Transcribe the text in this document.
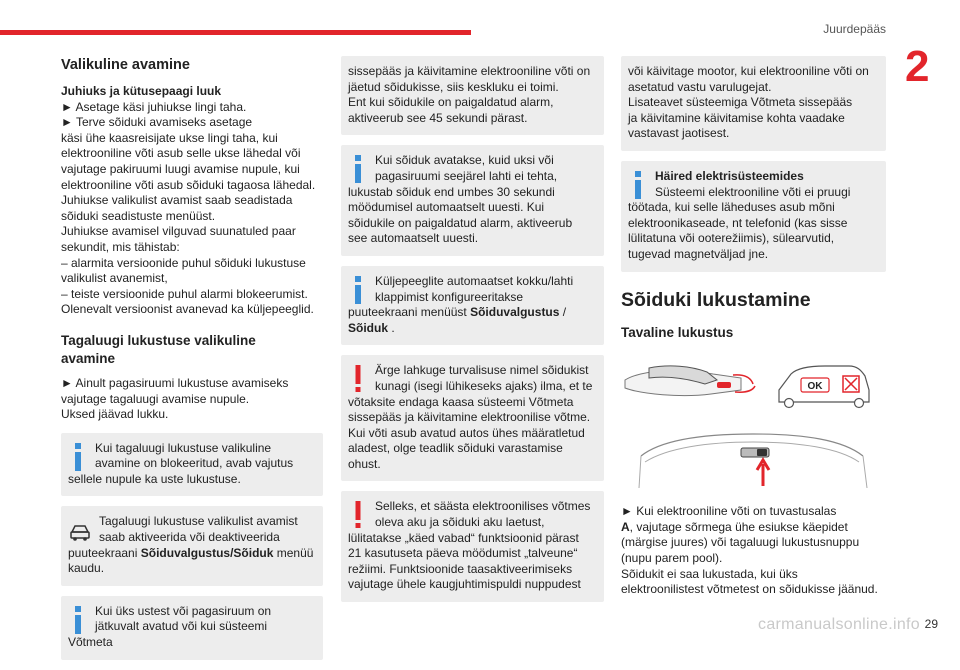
Juurdepääs
2
Valikuline avamine

Juhiuks ja kütusepaagi luuk

► Asetage käsi juhiukse lingi taha.

► Terve sõiduki avamiseks asetage

käsi ühe kaasreisijate ukse lingi taha, kui

elektrooniline võti asub selle ukse lähedal või

vajutage pakiruumi luugi avamise nupule, kui

elektrooniline võti asub sõiduki tagaosa lähedal.

Juhiukse valikulist avamist saab seadistada

sõiduki seadistuste menüüst.

Juhiukse avamisel vilguvad suunatuled paar

sekundit, mis tähistab:

– alarmita versioonide puhul sõiduki lukustuse

valikulist avanemist,

– teiste versioonide puhul alarmi blokeerumist.

Olenevalt versioonist avanevad ka küljepeeglid.

Tagaluugi lukustuse valikuline
avamine

► Ainult pagasiruumi lukustuse avamiseks

vajutage tagaluugi avamise nupule.

Uksed jäävad lukku.

Kui tagaluugi lukustuse valikuline

avamine on blokeeritud, avab vajutus

sellele nupule ka uste lukustuse.

Tagaluugi lukustuse valikulist avamist

saab aktiveerida või deaktiveerida

puuteekraani Sõiduvalgustus/Sõiduk menüü

kaudu.

Kui üks ustest või pagasiruum on

jätkuvalt avatud või kui süsteemi Võtmeta

sissepääs ja käivitamine elektrooniline võti on

jäetud sõidukisse, siis keskluku ei toimi.

Ent kui sõidukile on paigaldatud alarm,

aktiveerub see 45 sekundi pärast.

Kui sõiduk avatakse, kuid uksi või

pagasiruumi seejärel lahti ei tehta,

lukustab sõiduk end umbes 30 sekundi

möödumisel automaatselt uuesti. Kui

sõidukile on paigaldatud alarm, aktiveerub

see automaatselt uuesti.

Küljepeeglite automaatset kokku/lahti

klappimist konfigureeritakse

puuteekraani menüüst Sõiduvalgustus /

Sõiduk .

Ärge lahkuge turvalisuse nimel sõidukist

kunagi (isegi lühikeseks ajaks) ilma, et te

võtaksite endaga kaasa süsteemi Võtmeta

sissepääs ja käivitamine elektroonilise võtme.

Kui võti asub avatud autos ühes määratletud

aladest, olge teadlik sõiduki varastamise

ohust.

Selleks, et säästa elektroonilises võtmes

oleva aku ja sõiduki aku laetust,

lülitatakse „käed vabad“ funktsioonid pärast

21 kasutuseta päeva möödumist „talveune“

režiimi. Funktsioonide taasaktiveerimiseks

vajutage ühele kaugjuhtimispuldi nuppudest

või käivitage mootor, kui elektrooniline võti on

asetatud vastu varulugejat.

Lisateavet süsteemiga Võtmeta sissepääs

ja käivitamine käivitamise kohta vaadake

vastavast jaotisest.

Häired elektrisüsteemides

Süsteemi elektrooniline võti ei pruugi

töötada, kui selle läheduses asub mõni

elektroonikaseade, nt telefonid (kas sisse

lülitatuna või ooterežiimis), sülearvutid,

tugevad magnetväljad jne.

Sõiduki lukustamine
Tavaline lukustus
OK

► Kui elektrooniline võti on tuvastusalas

A, vajutage sõrmega ühe esiukse käepidet

(märgise juures) või tagaluugi lukustusnuppu

(nupu parem pool).

Sõidukit ei saa lukustada, kui üks

elektroonilistest võtmetest on sõidukisse jäänud.

29
carmanualsonline.info
